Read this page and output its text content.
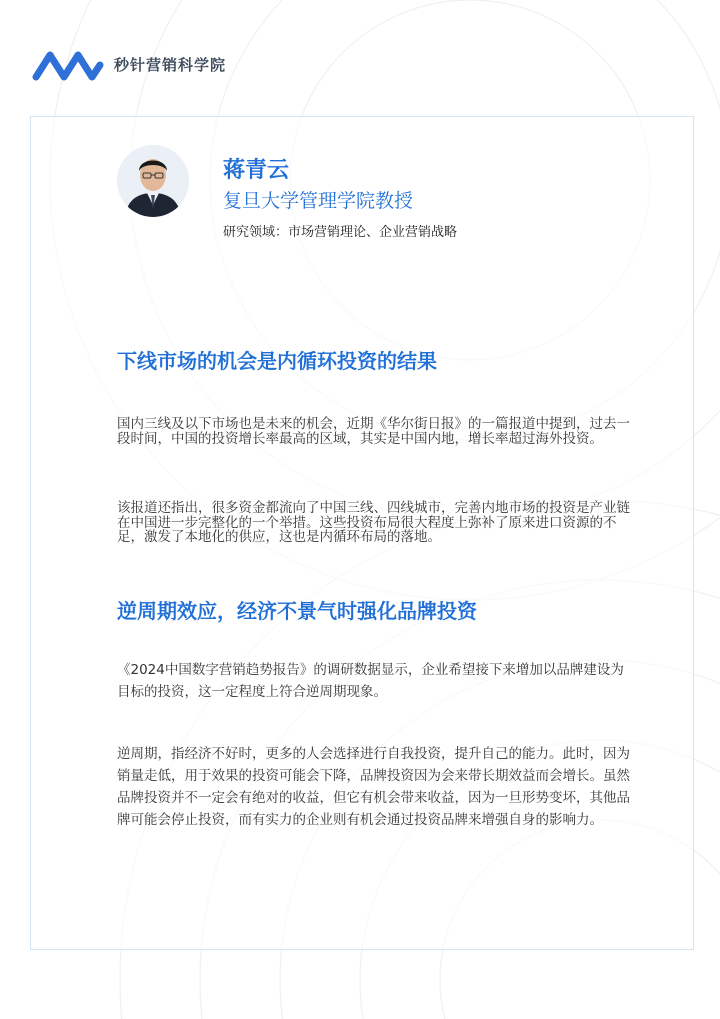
秒针营销科学院
蒋青云
复旦大学管理学院教授
研究领域：市场营销理论、企业营销战略
下线市场的机会是内循环投资的结果
国内三线及以下市场也是未来的机会，近期《华尔街日报》的一篇报道中提到，过去一段时间，中国的投资增长率最高的区域，其实是中国内地，增长率超过海外投资。
该报道还指出，很多资金都流向了中国三线、四线城市，完善内地市场的投资是产业链在中国进一步完整化的一个举措。这些投资布局很大程度上弥补了原来进口资源的不足，激发了本地化的供应，这也是内循环布局的落地。
逆周期效应，经济不景气时强化品牌投资
《2024中国数字营销趋势报告》的调研数据显示，企业希望接下来增加以品牌建设为目标的投资，这一定程度上符合逆周期现象。
逆周期，指经济不好时，更多的人会选择进行自我投资，提升自己的能力。此时，因为销量走低，用于效果的投资可能会下降，品牌投资因为会来带长期效益而会增长。虽然品牌投资并不一定会有绝对的收益，但它有机会带来收益，因为一旦形势变坏，其他品牌可能会停止投资，而有实力的企业则有机会通过投资品牌来增强自身的影响力。
